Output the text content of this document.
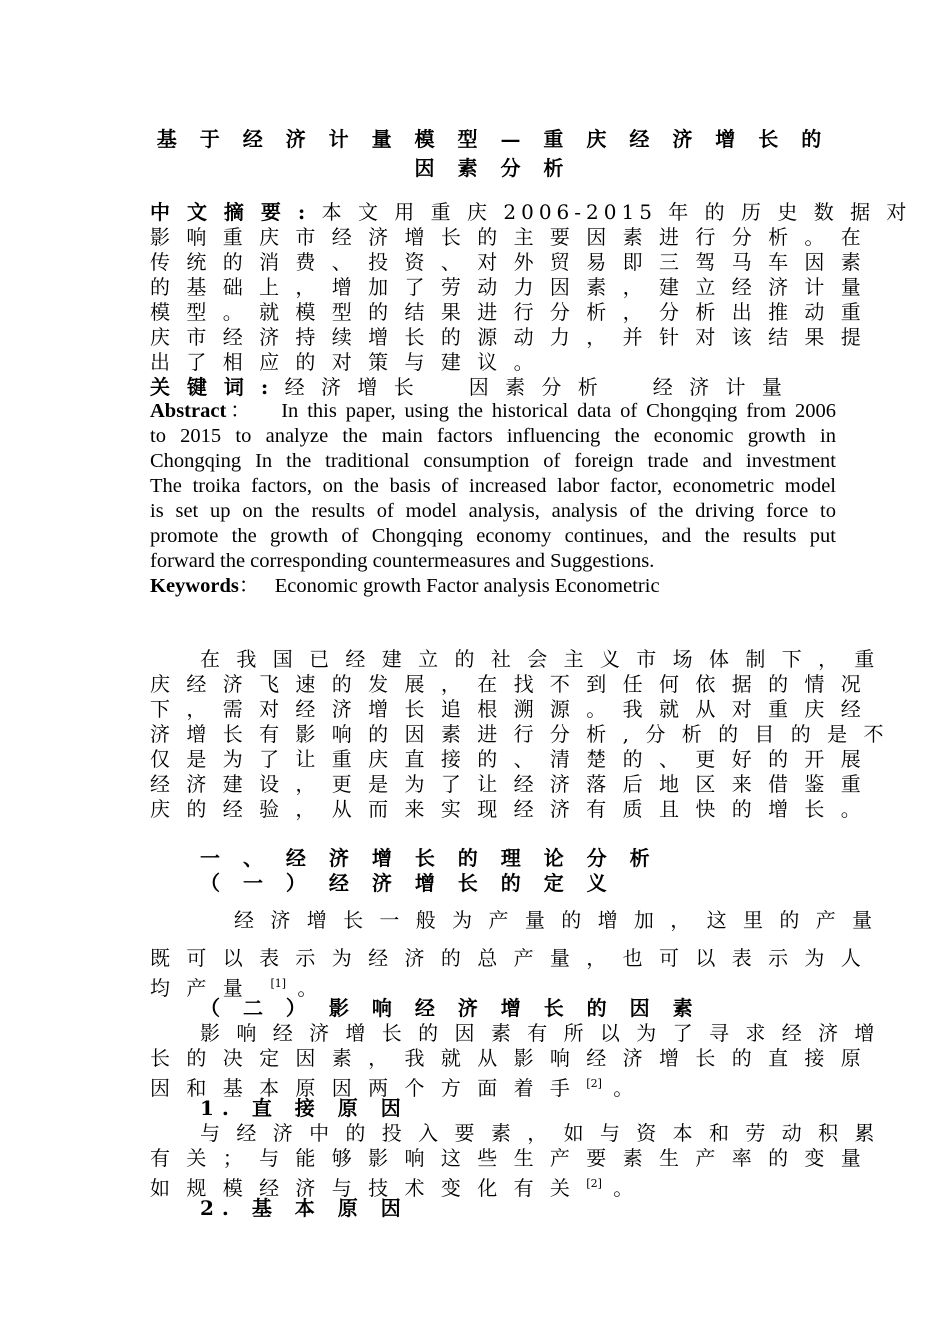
基 于 经 济 计 量 模 型 — 重 庆 经 济 增 长 的 因 素 分 析
中 文 摘 要 : 本 文 用 重 庆 2006-2015 年 的 历 史 数 据 对
影 响 重 庆 市 经 济 增 长 的 主 要 因 素 进 行 分 析 。 在
传 统 的 消 费 、 投 资 、 对 外 贸 易 即 三 驾 马 车 因 素
的 基 础 上 ， 增 加 了 劳 动 力 因 素 ， 建 立 经 济 计 量
模 型 。 就 模 型 的 结 果 进 行 分 析 ， 分 析 出 推 动 重
庆 市 经 济 持 续 增 长 的 源 动 力 ， 并 针 对 该 结 果 提
出 了 相 应 的 对 策 与 建 议 。
关 键 词 : 经 济 增 长　　因 素 分 析　　经 济 计 量
Abstract： In this paper, using the historical data of Chongqing from 2006
to 2015 to analyze the main factors influencing the economic growth in
Chongqing In the traditional consumption of foreign trade and investment
The troika factors, on the basis of increased labor factor, econometric model
is set up on the results of model analysis, analysis of the driving force to
promote the growth of Chongqing economy continues, and the results put
forward the corresponding countermeasures and Suggestions.
Keywords： Economic growth Factor analysis Econometric
在 我 国 已 经 建 立 的 社 会 主 义 市 场 体 制 下 ， 重
庆 经 济 飞 速 的 发 展 ， 在 找 不 到 任 何 依 据 的 情 况
下 ， 需 对 经 济 增 长 追 根 溯 源 。 我 就 从 对 重 庆 经
济 增 长 有 影 响 的 因 素 进 行 分 析 , 分 析 的 目 的 是 不
仅 是 为 了 让 重 庆 直 接 的 、 清 楚 的 、 更 好 的 开 展
经 济 建 设 ， 更 是 为 了 让 经 济 落 后 地 区 来 借 鉴 重
庆 的 经 验 ， 从 而 来 实 现 经 济 有 质 且 快 的 增 长 。
一 、 经 济 增 长 的 理 论 分 析
（ 一 ） 经 济 增 长 的 定 义
经 济 增 长 一 般 为 产 量 的 增 加 ， 这 里 的 产 量
既 可 以 表 示 为 经 济 的 总 产 量 ， 也 可 以 表 示 为 人
均 产 量 [1] 。
（ 二 ） 影 响 经 济 增 长 的 因 素
影 响 经 济 增 长 的 因 素 有 所 以 为 了 寻 求 经 济 增
长 的 决 定 因 素 ， 我 就 从 影 响 经 济 增 长 的 直 接 原
因 和 基 本 原 因 两 个 方 面 着 手 [2] 。
1. 直 接 原 因
与 经 济 中 的 投 入 要 素 ， 如 与 资 本 和 劳 动 积 累
有 关 ； 与 能 够 影 响 这 些 生 产 要 素 生 产 率 的 变 量
如 规 模 经 济 与 技 术 变 化 有 关 [2] 。
2. 基 本 原 因
